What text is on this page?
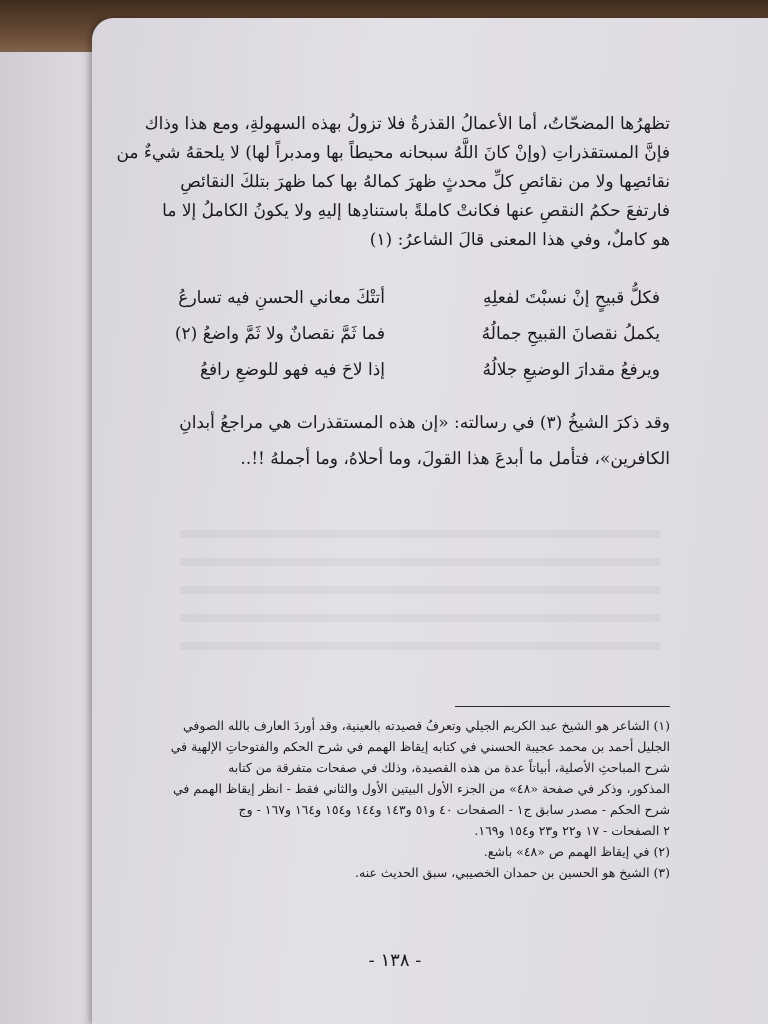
تظهرُها المضحّاتُ، أما الأعمالُ القذرةُ فلا تزولُ بهذه السهولةِ، ومع هذا وذاك
فإنَّ المستقذراتِ (وإنْ كانَ اللَّهُ سبحانه محيطاً بها ومدبراً لها) لا يلحقهُ شيءٌ من
نقائصِها ولا من نقائصِ كلِّ محدثٍ ظهرَ كمالهُ بها كما ظهرَ بتلكَ النقائصِ
فارتفعَ حكمُ النقصِ عنها فكانتْ كاملةً باستنادِها إليهِ ولا يكونُ الكاملُ إلا ما
هو كاملٌ، وفي هذا المعنى قالَ الشاعرُ: (١)
فكلُّ قبيحٍ إنْ نسبْتَ لفعلِهِ
أتتْكَ معاني الحسنِ فيه تسارعُ
يكملُ نقصانَ القبيحِ جمالُهُ
فما ثَمَّ نقصانٌ ولا ثَمَّ واضعُ (٢)
ويرفعُ مقدارَ الوضيعِ جلالُهُ
إذا لاحَ فيه فهو للوضعِ رافعُ
وقد ذكرَ الشيخُ (٣) في رسالته: «إن هذه المستقذرات هي مراجعُ أبدانِ
الكافرين»، فتأمل ما أبدعَ هذا القولَ، وما أحلاهُ، وما أجملهُ !!..
(١) الشاعر هو الشيخ عبد الكريم الجيلي وتعرفُ قصيدته بالعينية، وقد أوردَ العارف بالله الصوفي
الجليل أحمد بن محمد عجيبة الحسني في كتابه إيقاظ الهمم في شرح الحكم والفتوحاتِ الإلهية في
شرح المباحثِ الأصلية، أبياتاً عدة من هذه القصيدة، وذلك في صفحات متفرقة من كتابه
المذكور، وذكر في صفحة «٤٨» من الجزء الأول البيتين الأول والثاني فقط - انظر إيقاظ الهمم في
شرح الحكم - مصدر سابق ج١ - الصفحات ٤٠ و٥١ و١٤٣ و١٤٤ و١٥٤ و١٦٤ و١٦٧ - وج
٢ الصفحات - ١٧ و٢٢ و٢٣ و١٥٤ و١٦٩.
(٢) في إيقاظ الهمم ص «٤٨» باشع.
(٣) الشيخ هو الحسين بن حمدان الخصيبي، سبق الحديث عنه.
- ١٣٨ -
